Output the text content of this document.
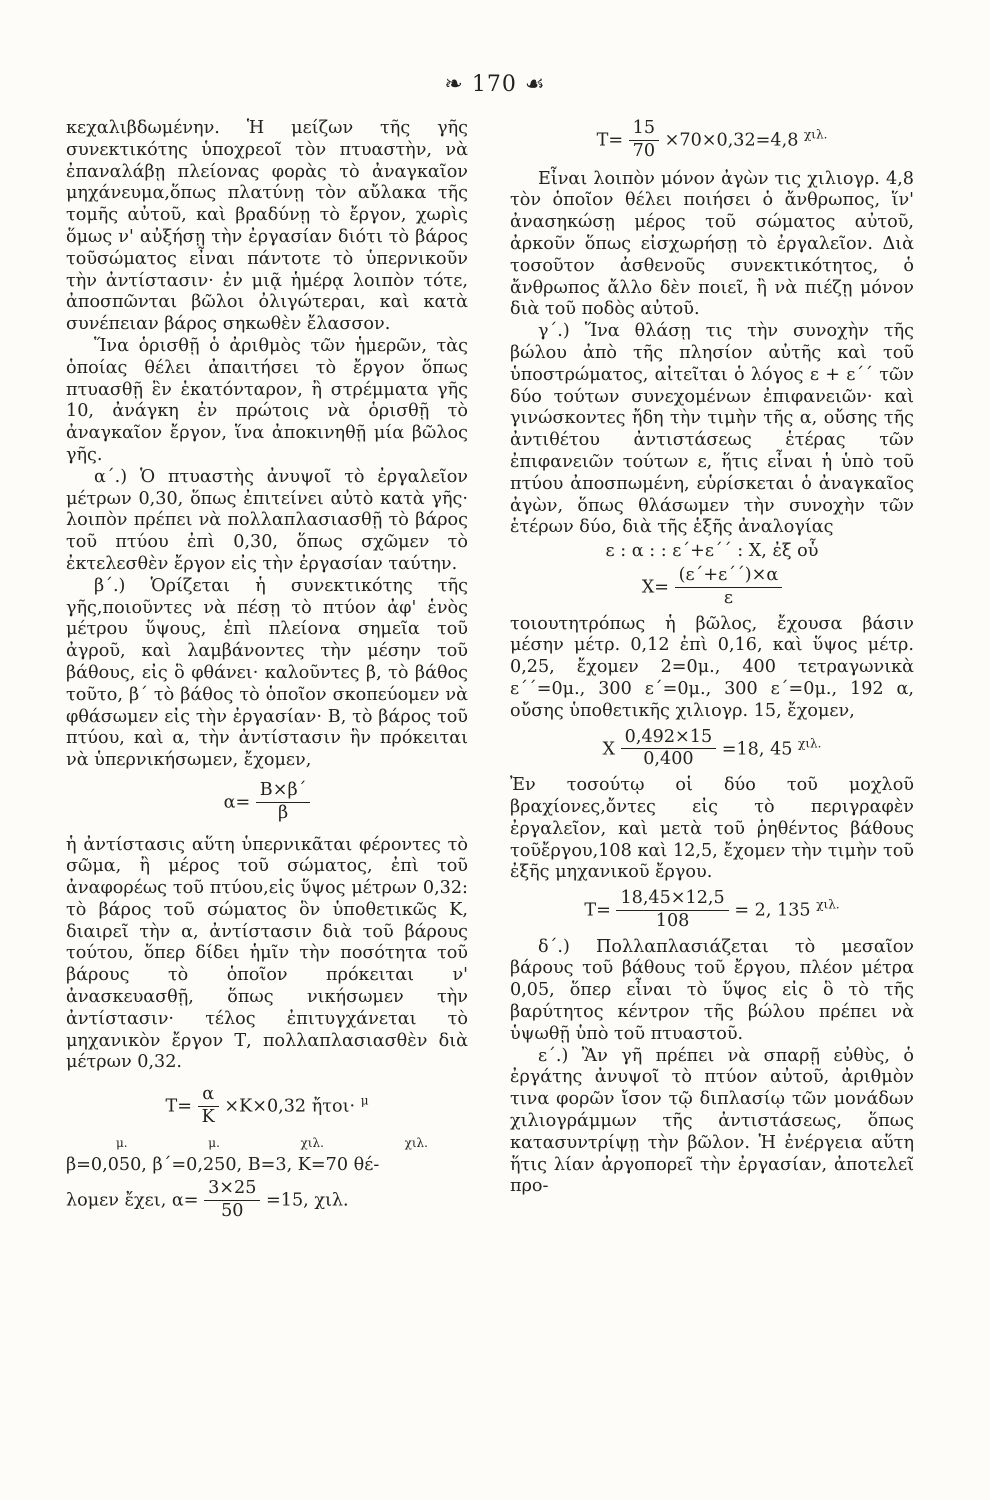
❧ 170 ☙

κεχαλιβδωμένην. Ἡ μείζων τῆς γῆς συνεκτικότης ὑποχρεοῖ τὸν πτυαστὴν, νὰ ἐπαναλάβῃ πλείονας φορὰς τὸ ἀναγκαῖον μηχάνευμα,ὅπως πλατύνῃ τὸν αὔλακα τῆς τομῆς αὐτοῦ, καὶ βραδύνῃ τὸ ἔργον, χωρὶς ὅμως ν' αὐξήσῃ τὴν ἐργασίαν διότι τὸ βάρος τοῦσώματος εἶναι πάντοτε τὸ ὑπερνικοῦν τὴν ἀντίστασιν· ἐν μιᾷ ἡμέρᾳ λοιπὸν τότε, ἀποσπῶνται βῶλοι ὀλιγώτεραι, καὶ κατὰ συνέπειαν βάρος σηκωθὲν ἔλασσον.

Ἵνα ὁρισθῇ ὁ ἀριθμὸς τῶν ἡμερῶν, τὰς ὁποίας θέλει ἀπαιτήσει τὸ ἔργον ὅπως πτυασθῇ ἓν ἑκατόνταρον, ἢ στρέμματα γῆς 10, ἀνάγκη ἐν πρώτοις νὰ ὁρισθῇ τὸ ἀναγκαῖον ἔργον, ἵνα ἀποκινηθῇ μία βῶλος γῆς.

α΄.) Ὁ πτυαστὴς ἀνυψοῖ τὸ ἐργαλεῖον μέτρων 0,30, ὅπως ἐπιτείνει αὐτὸ κατὰ γῆς· λοιπὸν πρέπει νὰ πολλαπλασιασθῇ τὸ βάρος τοῦ πτύου ἐπὶ 0,30, ὅπως σχῶμεν τὸ ἐκτελεσθὲν ἔργον εἰς τὴν ἐργασίαν ταύτην.

β΄.) Ὁρίζεται ἡ συνεκτικότης τῆς γῆς,ποιοῦντες νὰ πέσῃ τὸ πτύον ἀφ' ἑνὸς μέτρου ὕψους, ἐπὶ πλείονα σημεῖα τοῦ ἀγροῦ, καὶ λαμβάνοντες τὴν μέσην τοῦ βάθους, εἰς ὃ φθάνει· καλοῦντες β, τὸ βάθος τοῦτο, β΄ τὸ βάθος τὸ ὁποῖον σκοπεύομεν νὰ φθάσωμεν εἰς τὴν ἐργασίαν· Β, τὸ βάρος τοῦ πτύου, καὶ α, τὴν ἀντίστασιν ἣν πρόκειται νὰ ὑπερνικήσωμεν, ἔχομεν,

$\alpha= \frac{B\times\beta΄}{\beta}$

ἡ ἀντίστασις αὕτη ὑπερνικᾶται φέροντες τὸ σῶμα, ἢ μέρος τοῦ σώματος, ἐπὶ τοῦ ἀναφορέως τοῦ πτύου,εἰς ὕψος μέτρων 0,32: τὸ βάρος τοῦ σώματος ὃν ὑποθετικῶς Κ, διαιρεῖ τὴν α, ἀντίστασιν διὰ τοῦ βάρους τούτου, ὅπερ δίδει ἡμῖν τὴν ποσότητα τοῦ βάρους τὸ ὁποῖον πρόκειται ν' ἀνασκευασθῇ, ὅπως νικήσωμεν τὴν ἀντίστασιν· τέλος ἐπιτυγχάνεται τὸ μηχανικὸν ἔργον Τ, πολλαπλασιασθὲν διὰ μέτρων 0,32.

$T= \frac{\alpha}{K} \times K\times 0,32$ ἤτοι· $^\mu$
μ.	μ.	χιλ.	χιλ.

β=0,050, β΄=0,250, Β=3, Κ=70 θέ-

λομεν ἔχει, $\alpha= \frac{3\times 25}{50} =15$, χιλ.
$T= \frac{15}{70} \times 70\times 0,32=4,8$ $^{\chi\iota\lambda.}$

Εἶναι λοιπὸν μόνον ἀγὼν τις χιλιογρ. 4,8 τὸν ὁποῖον θέλει ποιήσει ὁ ἄνθρωπος, ἵν' ἀνασηκώσῃ μέρος τοῦ σώματος αὐτοῦ, ἀρκοῦν ὅπως εἰσχωρήσῃ τὸ ἐργαλεῖον. Διὰ τοσοῦτον ἀσθενοῦς συνεκτικότητος, ὁ ἄνθρωπος ἄλλο δὲν ποιεῖ, ἢ νὰ πιέζῃ μόνον διὰ τοῦ ποδὸς αὐτοῦ.

γ΄.) Ἵνα θλάσῃ τις τὴν συνοχὴν τῆς βώλου ἀπὸ τῆς πλησίον αὐτῆς καὶ τοῦ ὑποστρώματος, αἰτεῖται ὁ λόγος ε + ε΄΄ τῶν δύο τούτων συνεχομένων ἐπιφανειῶν· καὶ γινώσκοντες ἤδη τὴν τιμὴν τῆς α, οὔσης τῆς ἀντιθέτου ἀντιστάσεως ἑτέρας τῶν ἐπιφανειῶν τούτων ε, ἥτις εἶναι ἡ ὑπὸ τοῦ πτύου ἀποσπωμένη, εὑρίσκεται ὁ ἀναγκαῖος ἀγὼν, ὅπως θλάσωμεν τὴν συνοχὴν τῶν ἑτέρων δύο, διὰ τῆς ἑξῆς ἀναλογίας

ε : α : : ε΄+ε΄΄ : Χ, ἐξ οὗ
$X= \frac{(\varepsilon΄+\varepsilon΄΄)\times\alpha}{\varepsilon}$

τοιουτητρόπως ἡ βῶλος, ἔχουσα βάσιν μέσην μέτρ. 0,12 ἐπὶ 0,16, καὶ ὕψος μέτρ. 0,25, ἔχομεν 2=0μ., 400 τετραγωνικὰ ε΄΄=0μ., 300 ε΄=0μ., 300 ε΄=0μ., 192 α, οὔσης ὑποθετικῆς χιλιογρ. 15, ἔχομεν,

Χ $\frac{0,492\times 15}{0,400} =18$, 45 $^{\chi\iota\lambda.}$

Ἐν τοσούτῳ οἱ δύο τοῦ μοχλοῦ βραχίονες,ὄντες εἰς τὸ περιγραφὲν ἐργαλεῖον, καὶ μετὰ τοῦ ῥηθέντος βάθους τοῦἔργου,108 καὶ 12,5, ἔχομεν τὴν τιμὴν τοῦ ἐξῆς μηχανικοῦ ἔργου.

$T= \frac{18,45\times 12,5}{108} = 2$, 135 $^{\chi\iota\lambda.}$

δ΄.) Πολλαπλασιάζεται τὸ μεσαῖον βάρους τοῦ βάθους τοῦ ἔργου, πλέον μέτρα 0,05, ὅπερ εἶναι τὸ ὕψος εἰς ὃ τὸ τῆς βαρύτητος κέντρον τῆς βώλου πρέπει νὰ ὑψωθῇ ὑπὸ τοῦ πτυαστοῦ.

ε΄.) Ἂν γῆ πρέπει νὰ σπαρῇ εὐθὺς, ὁ ἐργάτης ἀνυψοῖ τὸ πτύον αὐτοῦ, ἀριθμὸν τινα φορῶν ἴσον τῷ διπλασίῳ τῶν μονάδων χιλιογράμμων τῆς ἀντιστάσεως, ὅπως κατασυντρίψῃ τὴν βῶλον. Ἡ ἐνέργεια αὕτη ἥτις λίαν ἀργοπορεῖ τὴν ἐργασίαν, ἀποτελεῖ προ-
